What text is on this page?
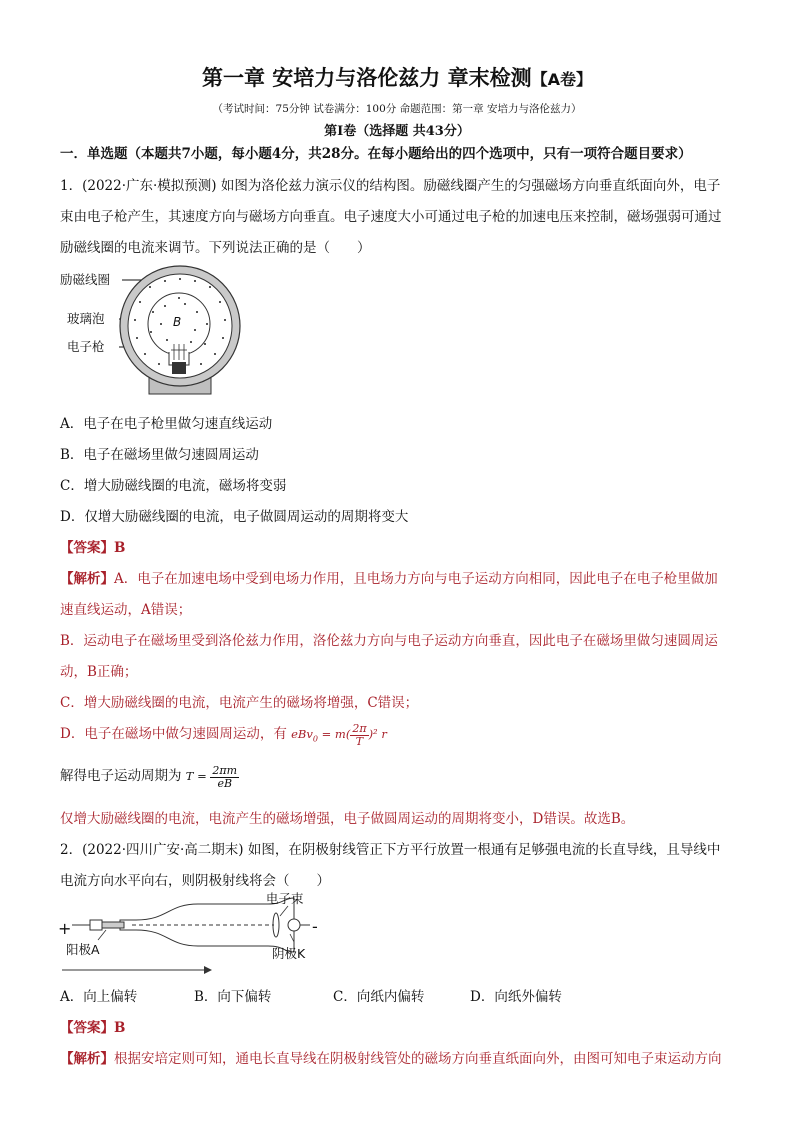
第一章 安培力与洛伦兹力 章末检测【A卷】
（考试时间：75分钟 试卷满分：100分 命题范围：第一章 安培力与洛伦兹力）
第Ⅰ卷（选择题 共43分）
一．单选题（本题共7小题，每小题4分，共28分。在每小题给出的四个选项中，只有一项符合题目要求）
1．(2022·广东·模拟预测) 如图为洛伦兹力演示仪的结构图。励磁线圈产生的匀强磁场方向垂直纸面向外，电子
束由电子枪产生，其速度方向与磁场方向垂直。电子速度大小可通过电子枪的加速电压来控制，磁场强弱可通过
励磁线圈的电流来调节。下列说法正确的是（　　）
励磁线圈
玻璃泡
电子枪
B
A．电子在电子枪里做匀速直线运动
B．电子在磁场里做匀速圆周运动
C．增大励磁线圈的电流，磁场将变弱
D．仅增大励磁线圈的电流，电子做圆周运动的周期将变大
【答案】B
【解析】A．电子在加速电场中受到电场力作用，且电场力方向与电子运动方向相同，因此电子在电子枪里做加
速直线运动，A错误；
B．运动电子在磁场里受到洛伦兹力作用，洛伦兹力方向与电子运动方向垂直，因此电子在磁场里做匀速圆周运
动，B正确；
C．增大励磁线圈的电流，电流产生的磁场将增强，C错误；
D．电子在磁场中做匀速圆周运动，有 $eBv_0 = m( \frac{2\pi}{T} )^2$ r
解得电子运动周期为 $T = \frac{2\pi m}{eB}$
仅增大励磁线圈的电流，电流产生的磁场增强，电子做圆周运动的周期将变小，D错误。故选B。
2．(2022·四川广安·高二期末) 如图，在阴极射线管正下方平行放置一根通有足够强电流的长直导线，且导线中
电流方向水平向右，则阴极射线将会（　　）
+	-
电子束
阳极A	阴极K
A．向上偏转	B．向下偏转	C．向纸内偏转	D．向纸外偏转
【答案】B
【解析】根据安培定则可知，通电长直导线在阴极射线管处的磁场方向垂直纸面向外，由图可知电子束运动方向
